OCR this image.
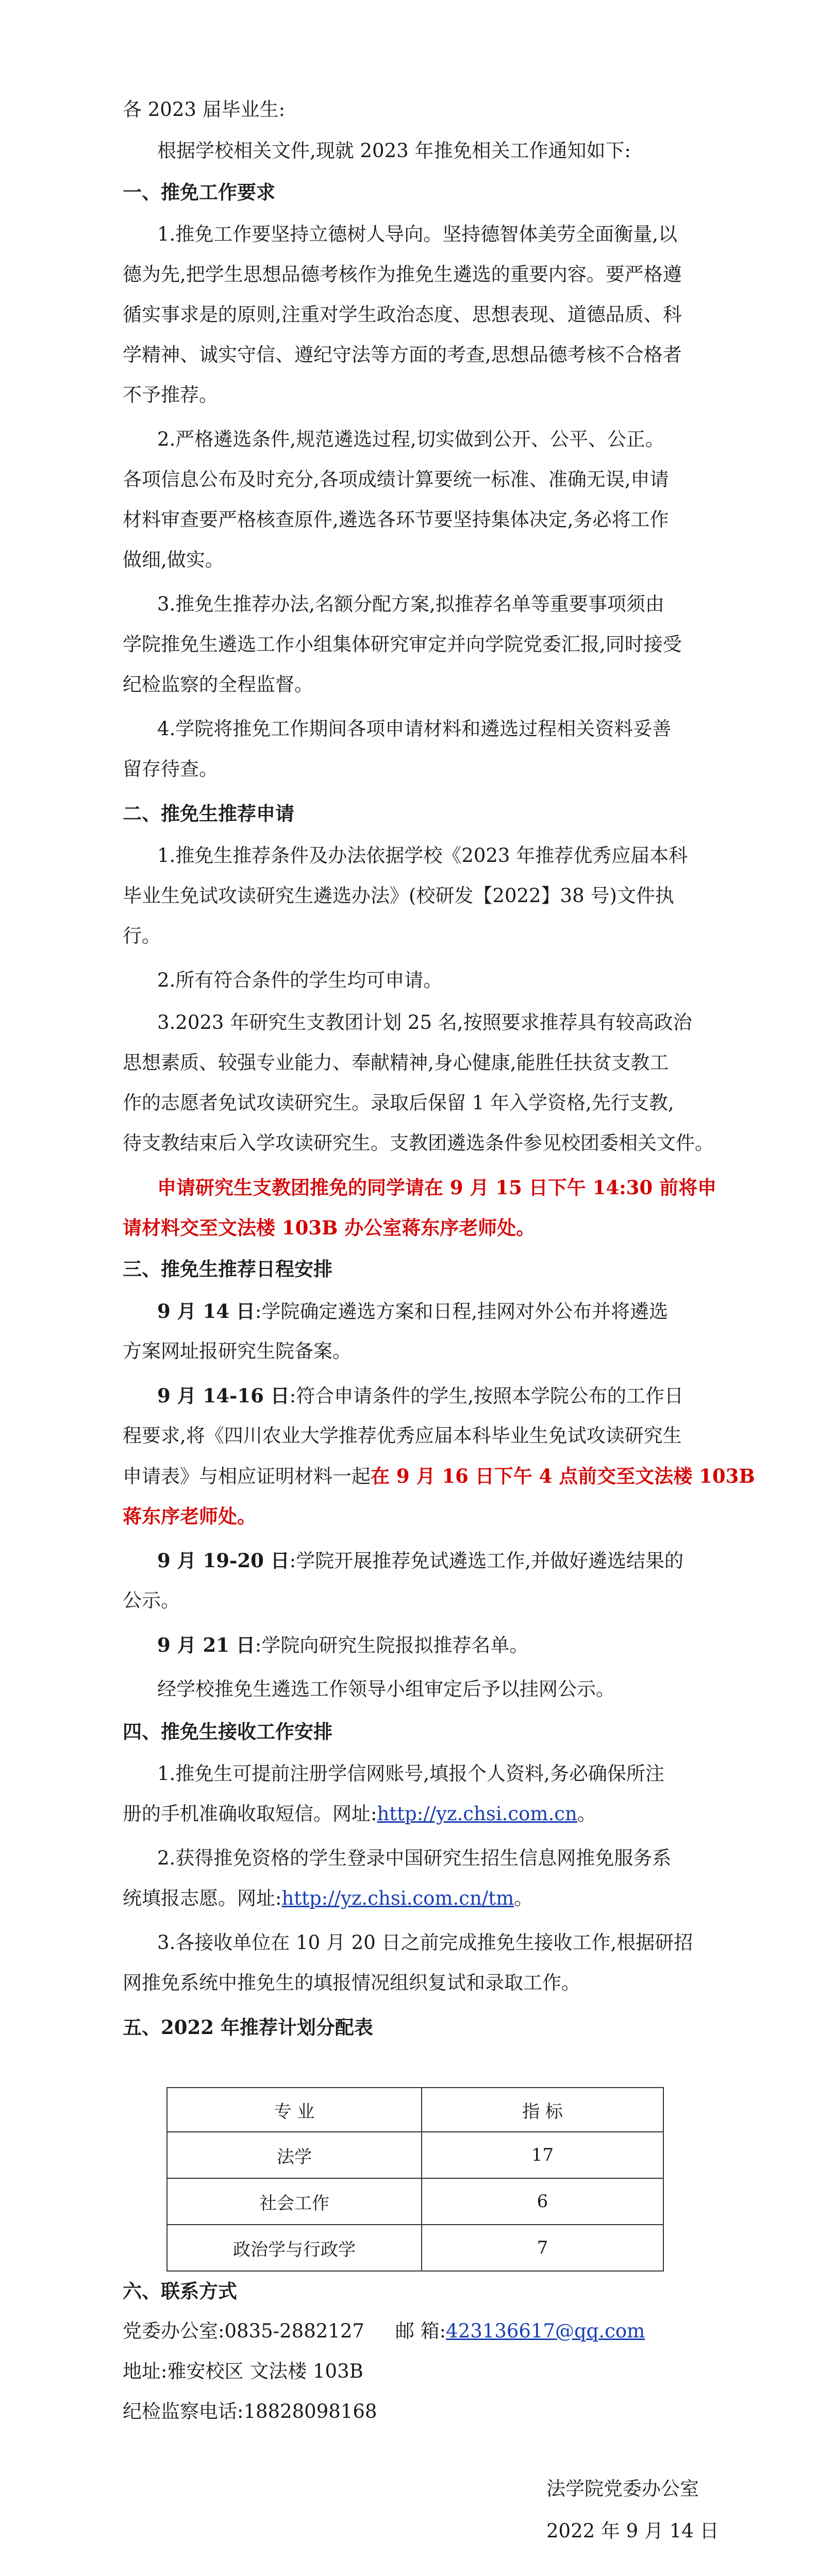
各 2023 届毕业生:
根据学校相关文件,现就 2023 年推免相关工作通知如下:
一、推免工作要求
1.推免工作要坚持立德树人导向。坚持德智体美劳全面衡量,以
德为先,把学生思想品德考核作为推免生遴选的重要内容。要严格遵
循实事求是的原则,注重对学生政治态度、思想表现、道德品质、科
学精神、诚实守信、遵纪守法等方面的考查,思想品德考核不合格者
不予推荐。
2.严格遴选条件,规范遴选过程,切实做到公开、公平、公正。
各项信息公布及时充分,各项成绩计算要统一标准、准确无误,申请
材料审查要严格核查原件,遴选各环节要坚持集体决定,务必将工作
做细,做实。
3.推免生推荐办法,名额分配方案,拟推荐名单等重要事项须由
学院推免生遴选工作小组集体研究审定并向学院党委汇报,同时接受
纪检监察的全程监督。
4.学院将推免工作期间各项申请材料和遴选过程相关资料妥善
留存待查。
二、推免生推荐申请
1.推免生推荐条件及办法依据学校《2023 年推荐优秀应届本科
毕业生免试攻读研究生遴选办法》(校研发【2022】38 号)文件执
行。
2.所有符合条件的学生均可申请。
3.2023 年研究生支教团计划 25 名,按照要求推荐具有较高政治
思想素质、较强专业能力、奉献精神,身心健康,能胜任扶贫支教工
作的志愿者免试攻读研究生。录取后保留 1 年入学资格,先行支教,
待支教结束后入学攻读研究生。支教团遴选条件参见校团委相关文件。
申请研究生支教团推免的同学请在 9 月 15 日下午 14:30 前将申
请材料交至文法楼 103B 办公室蒋东序老师处。
三、推免生推荐日程安排
9 月 14 日:学院确定遴选方案和日程,挂网对外公布并将遴选
方案网址报研究生院备案。
9 月 14-16 日:符合申请条件的学生,按照本学院公布的工作日
程要求,将《四川农业大学推荐优秀应届本科毕业生免试攻读研究生
申请表》与相应证明材料一起在 9 月 16 日下午 4 点前交至文法楼 103B
蒋东序老师处。
9 月 19-20 日:学院开展推荐免试遴选工作,并做好遴选结果的
公示。
9 月 21 日:学院向研究生院报拟推荐名单。
经学校推免生遴选工作领导小组审定后予以挂网公示。
四、推免生接收工作安排
1.推免生可提前注册学信网账号,填报个人资料,务必确保所注
册的手机准确收取短信。网址:http://yz.chsi.com.cn。
2.获得推免资格的学生登录中国研究生招生信息网推免服务系
统填报志愿。网址:http://yz.chsi.com.cn/tm。
3.各接收单位在 10 月 20 日之前完成推免生接收工作,根据研招
网推免系统中推免生的填报情况组织复试和录取工作。
五、2022 年推荐计划分配表
专 业	指 标
法学	17
社会工作	6
政治学与行政学	7
六、联系方式
党委办公室:0835-2882127 邮 箱:423136617@qq.com
地址:雅安校区 文法楼 103B
纪检监察电话:18828098168
法学院党委办公室
2022 年 9 月 14 日
